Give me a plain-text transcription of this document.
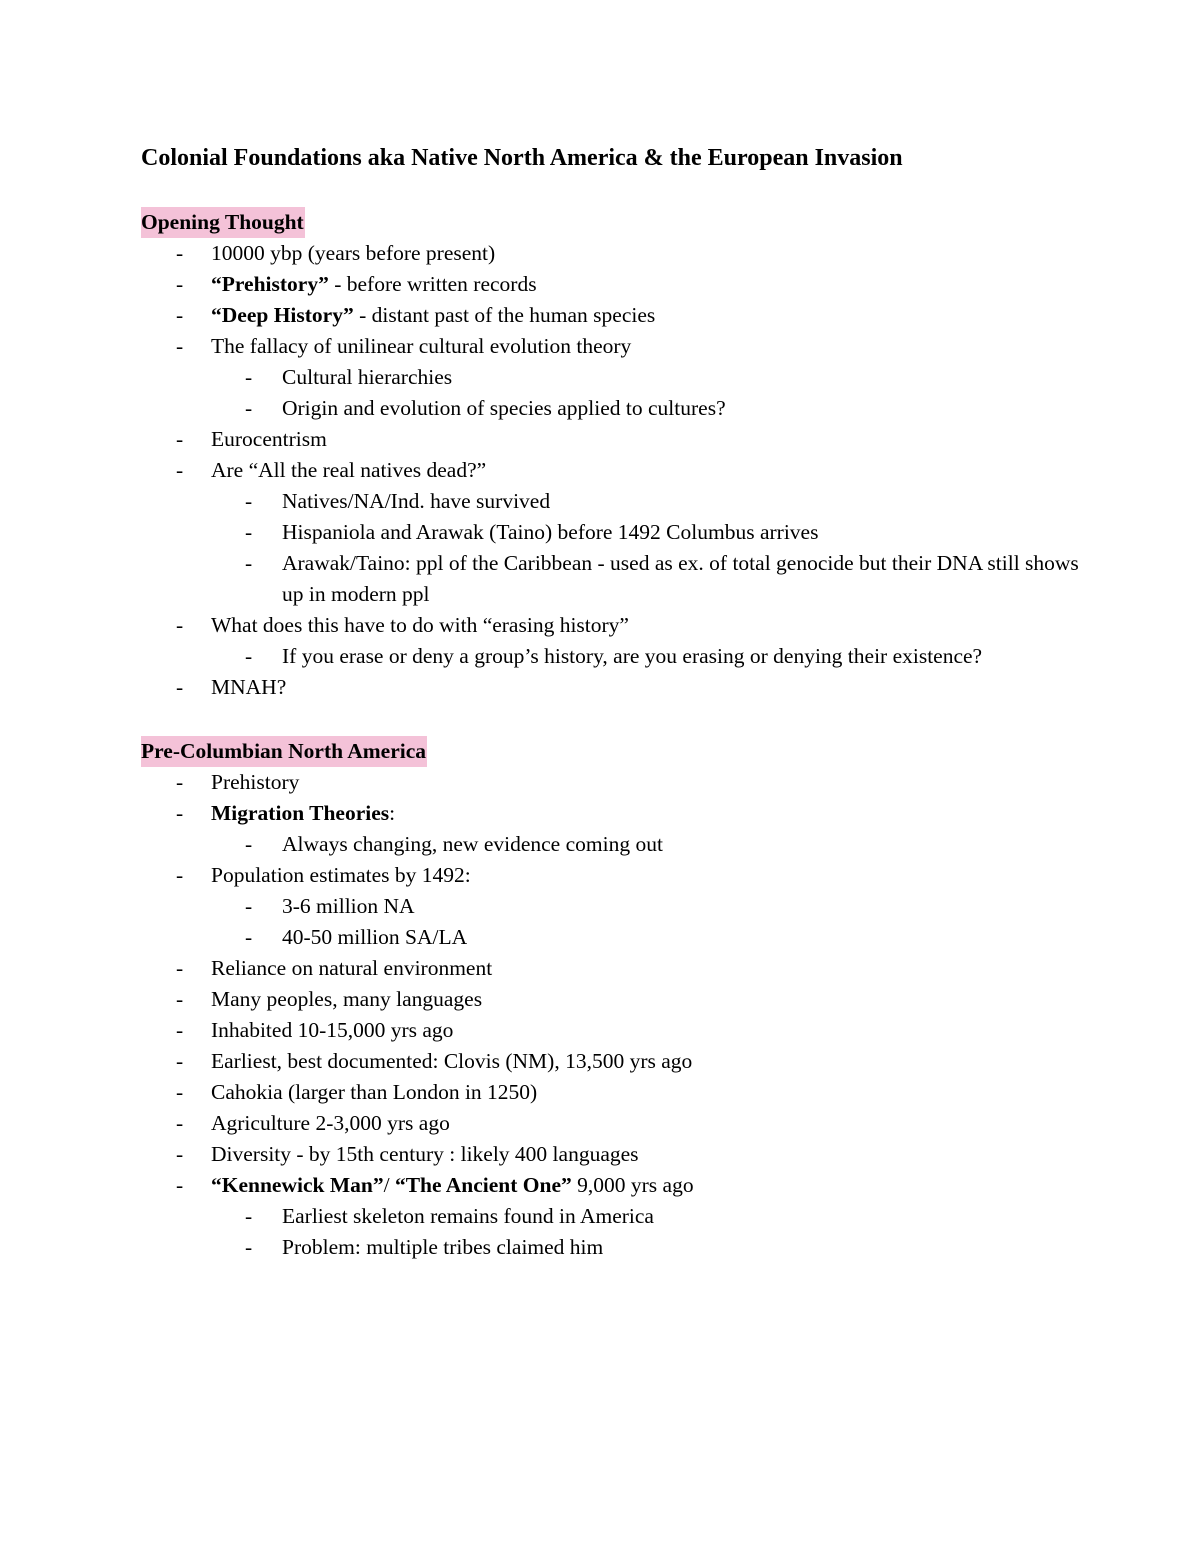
Colonial Foundations aka Native North America & the European Invasion
Opening Thought
- 10000 ybp (years before present)
- “Prehistory” - before written records
- “Deep History” - distant past of the human species
- The fallacy of unilinear cultural evolution theory
- Cultural hierarchies
- Origin and evolution of species applied to cultures?
- Eurocentrism
- Are “All the real natives dead?”
- Natives/NA/Ind. have survived
- Hispaniola and Arawak (Taino) before 1492 Columbus arrives
- Arawak/Taino: ppl of the Caribbean - used as ex. of total genocide but their DNA still shows up in modern ppl
- What does this have to do with “erasing history”
- If you erase or deny a group’s history, are you erasing or denying their existence?
- MNAH?
Pre-Columbian North America
- Prehistory
- Migration Theories:
- Always changing, new evidence coming out
- Population estimates by 1492:
- 3-6 million NA
- 40-50 million SA/LA
- Reliance on natural environment
- Many peoples, many languages
- Inhabited 10-15,000 yrs ago
- Earliest, best documented: Clovis (NM), 13,500 yrs ago
- Cahokia (larger than London in 1250)
- Agriculture 2-3,000 yrs ago
- Diversity - by 15th century : likely 400 languages
- “Kennewick Man”/ “The Ancient One” 9,000 yrs ago
- Earliest skeleton remains found in America
- Problem: multiple tribes claimed him
